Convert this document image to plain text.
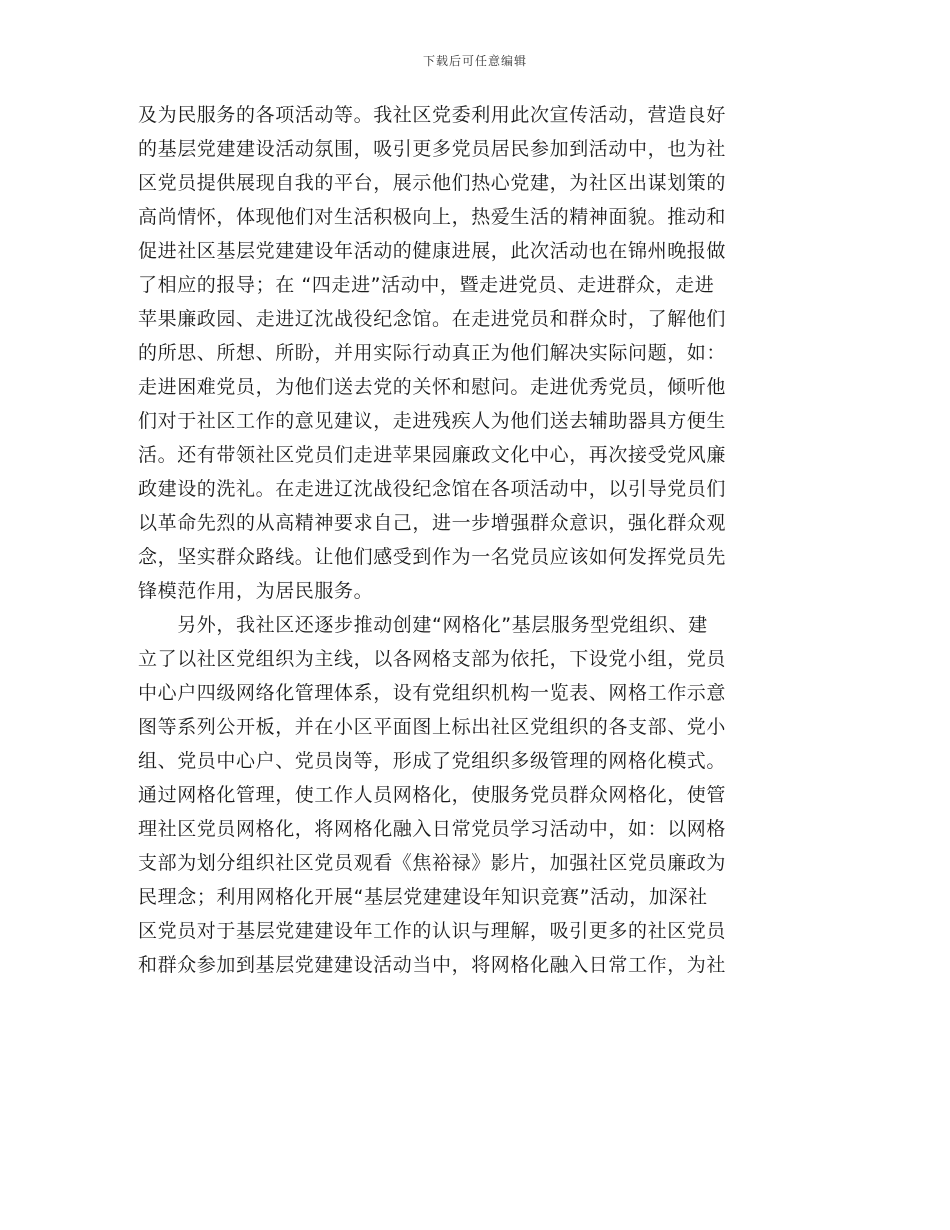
下载后可任意编辑
及为民服务的各项活动等。我社区党委利用此次宣传活动，营造良好
的基层党建建设活动氛围，吸引更多党员居民参加到活动中，也为社
区党员提供展现自我的平台，展示他们热心党建，为社区出谋划策的
高尚情怀，体现他们对生活积极向上，热爱生活的精神面貌。推动和
促进社区基层党建建设年活动的健康进展，此次活动也在锦州晚报做
了相应的报导；在 “四走进”活动中，暨走进党员、走进群众，走进
苹果廉政园、走进辽沈战役纪念馆。在走进党员和群众时，了解他们
的所思、所想、所盼，并用实际行动真正为他们解决实际问题，如：
走进困难党员，为他们送去党的关怀和慰问。走进优秀党员，倾听他
们对于社区工作的意见建议，走进残疾人为他们送去辅助器具方便生
活。还有带领社区党员们走进苹果园廉政文化中心，再次接受党风廉
政建设的洗礼。在走进辽沈战役纪念馆在各项活动中，以引导党员们
以革命先烈的从高精神要求自己，进一步增强群众意识，强化群众观
念，坚实群众路线。让他们感受到作为一名党员应该如何发挥党员先
锋模范作用，为居民服务。
　　另外，我社区还逐步推动创建“网格化”基层服务型党组织、建
立了以社区党组织为主线，以各网格支部为依托，下设党小组，党员
中心户四级网络化管理体系，设有党组织机构一览表、网格工作示意
图等系列公开板，并在小区平面图上标出社区党组织的各支部、党小
组、党员中心户、党员岗等，形成了党组织多级管理的网格化模式。
通过网格化管理，使工作人员网格化，使服务党员群众网格化，使管
理社区党员网格化，将网格化融入日常党员学习活动中，如：以网格
支部为划分组织社区党员观看《焦裕禄》影片，加强社区党员廉政为
民理念；利用网格化开展“基层党建建设年知识竞赛”活动，加深社
区党员对于基层党建建设年工作的认识与理解，吸引更多的社区党员
和群众参加到基层党建建设活动当中，将网格化融入日常工作，为社
